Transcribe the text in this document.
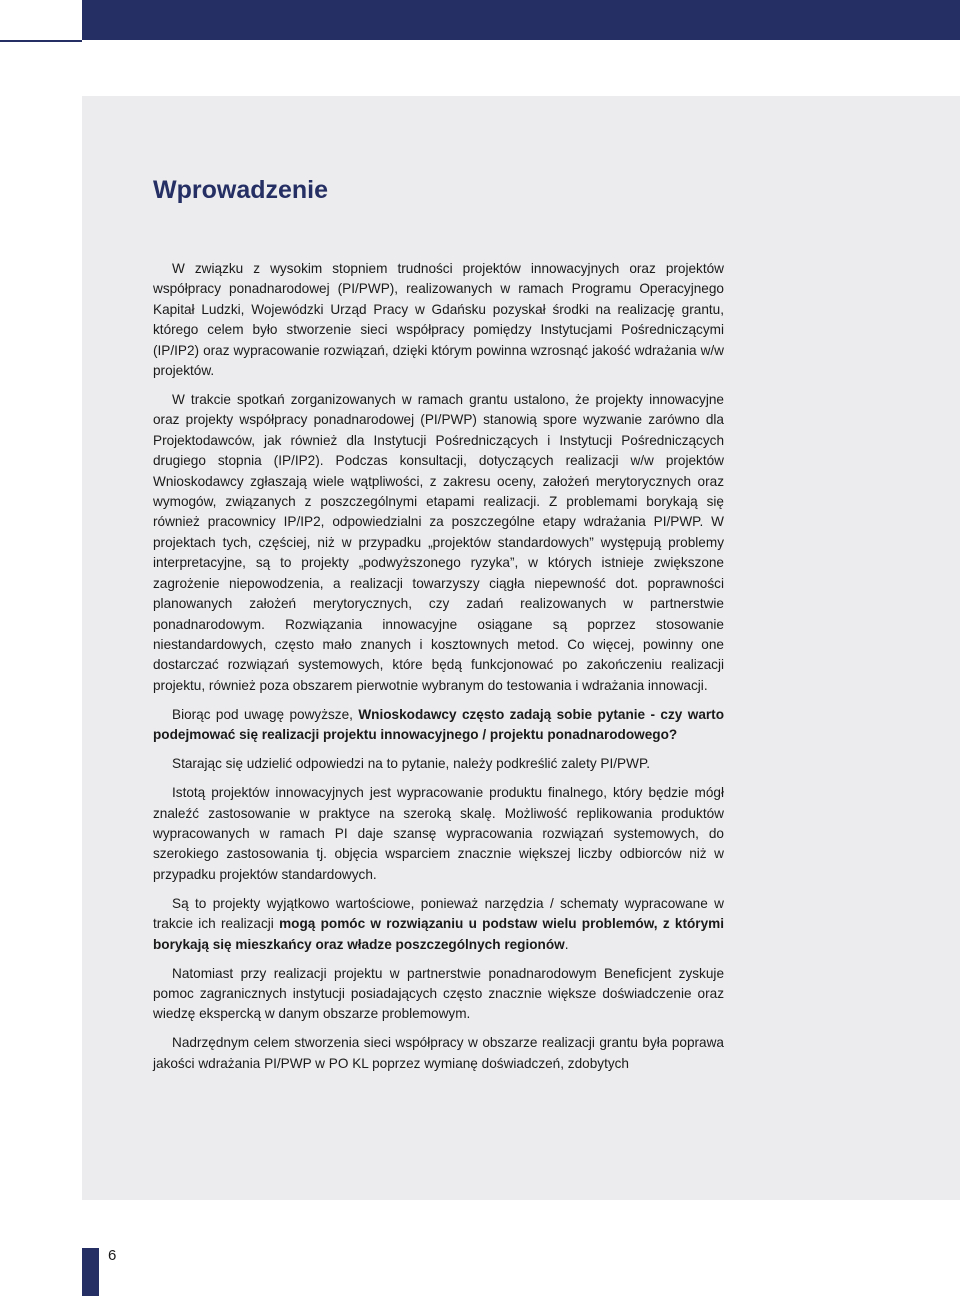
Wprowadzenie

W związku z wysokim stopniem trudności projektów innowacyjnych oraz projektów współpracy ponadnarodowej (PI/PWP), realizowanych w ramach Programu Operacyjnego Kapitał Ludzki, Wojewódzki Urząd Pracy w Gdańsku pozyskał środki na realizację grantu, którego celem było stworzenie sieci współpracy pomiędzy Instytucjami Pośredniczącymi (IP/IP2) oraz wypracowanie rozwiązań, dzięki którym powinna wzrosnąć jakość wdrażania w/w projektów.

W trakcie spotkań zorganizowanych w ramach grantu ustalono, że projekty innowacyjne oraz projekty współpracy ponadnarodowej (PI/PWP) stanowią spore wyzwanie zarówno dla Projektodawców, jak również dla Instytucji Pośredniczących i Instytucji Pośredniczących drugiego stopnia (IP/IP2). Podczas konsultacji, dotyczących realizacji w/w projektów Wnioskodawcy zgłaszają wiele wątpliwości, z zakresu oceny, założeń merytorycznych oraz wymogów, związanych z poszczególnymi etapami realizacji. Z problemami borykają się również pracownicy IP/IP2, odpowiedzialni za poszczególne etapy wdrażania PI/PWP. W projektach tych, częściej, niż w przypadku „projektów standardowych” występują problemy interpretacyjne, są to projekty „podwyższonego ryzyka”, w których istnieje zwiększone zagrożenie niepowodzenia, a realizacji towarzyszy ciągła niepewność dot. poprawności planowanych założeń merytorycznych, czy zadań realizowanych w partnerstwie ponadnarodowym. Rozwiązania innowacyjne osiągane są poprzez stosowanie niestandardowych, często mało znanych i kosztownych metod. Co więcej, powinny one dostarczać rozwiązań systemowych, które będą funkcjonować po zakończeniu realizacji projektu, również poza obszarem pierwotnie wybranym do testowania i wdrażania innowacji.

Biorąc pod uwagę powyższe, Wnioskodawcy często zadają sobie pytanie - czy warto podejmować się realizacji projektu innowacyjnego / projektu ponadnarodowego?

Starając się udzielić odpowiedzi na to pytanie, należy podkreślić zalety PI/PWP.

Istotą projektów innowacyjnych jest wypracowanie produktu finalnego, który będzie mógł znaleźć zastosowanie w praktyce na szeroką skalę. Możliwość replikowania produktów wypracowanych w ramach PI daje szansę wypracowania rozwiązań systemowych, do szerokiego zastosowania tj. objęcia wsparciem znacznie większej liczby odbiorców niż w przypadku projektów standardowych.

Są to projekty wyjątkowo wartościowe, ponieważ narzędzia / schematy wypracowane w trakcie ich realizacji mogą pomóc w rozwiązaniu u podstaw wielu problemów, z którymi borykają się mieszkańcy oraz władze poszczególnych regionów.

Natomiast przy realizacji projektu w partnerstwie ponadnarodowym Beneficjent zyskuje pomoc zagranicznych instytucji posiadających często znacznie większe doświadczenie oraz wiedzę ekspercką w danym obszarze problemowym.

Nadrzędnym celem stworzenia sieci współpracy w obszarze realizacji grantu była poprawa jakości wdrażania PI/PWP w PO KL poprzez wymianę doświadczeń, zdobytych

6
